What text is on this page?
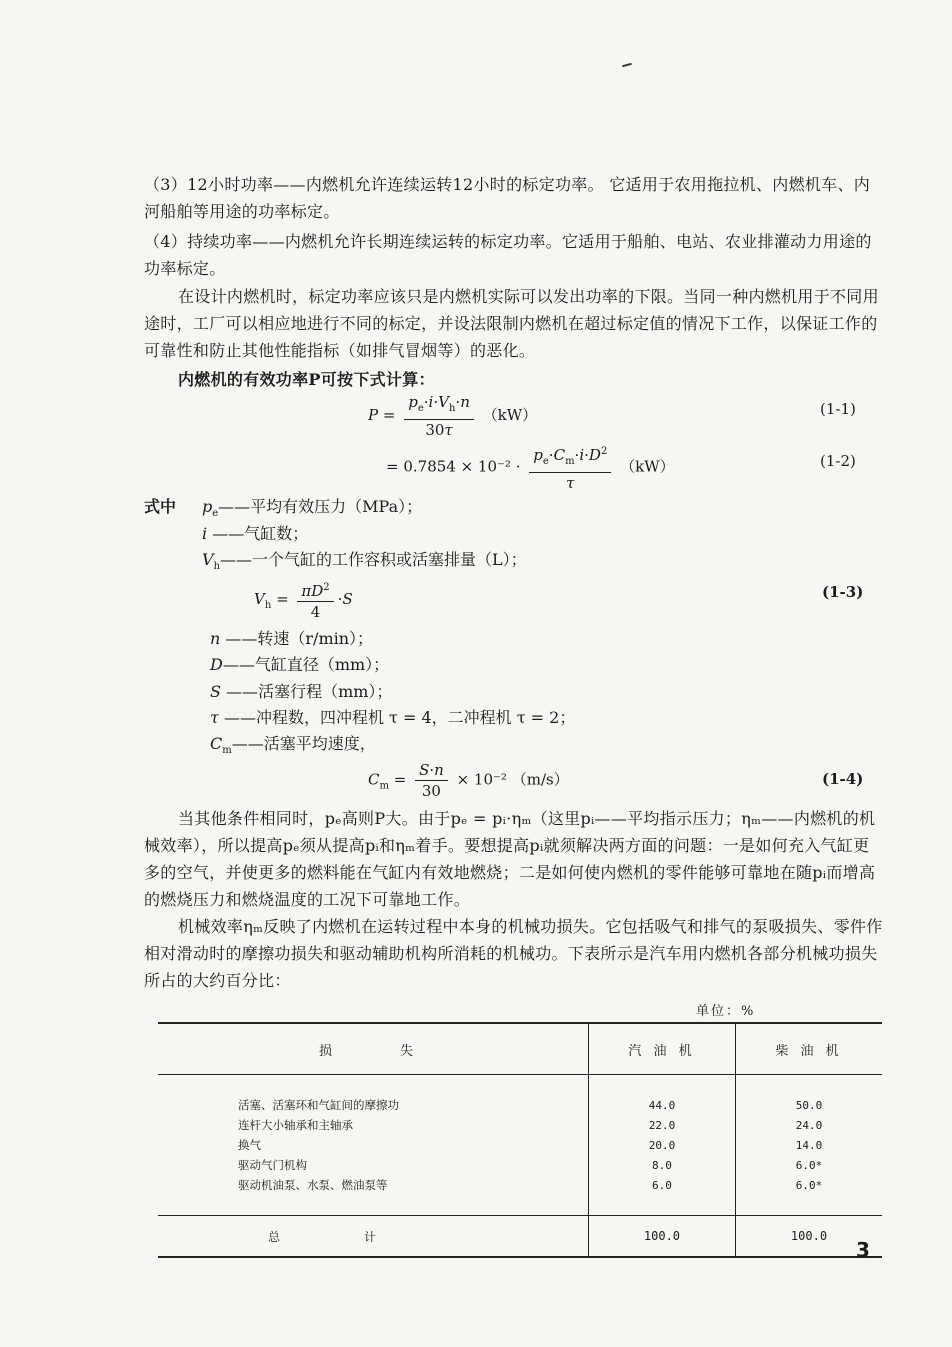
（3）12小时功率——内燃机允许连续运转12小时的标定功率。 它适用于农用拖拉机、内燃机车、内河船舶等用途的功率标定。

（4）持续功率——内燃机允许长期连续运转的标定功率。它适用于船舶、电站、农业排灌动力用途的功率标定。

在设计内燃机时，标定功率应该只是内燃机实际可以发出功率的下限。当同一种内燃机用于不同用途时，工厂可以相应地进行不同的标定，并设法限制内燃机在超过标定值的情况下工作，以保证工作的可靠性和防止其他性能指标（如排气冒烟等）的恶化。

内燃机的有效功率P可按下式计算：

$P = \frac{p_e\cdot i\cdot V_h\cdot n}{30\tau} (kW)$	(1-1)
= $0.7854 \times 10^{-2} \cdot \frac{p_e\cdot C_m\cdot i\cdot D^2}{\tau} (kW)$	(1-2)
式中 $p_e——$平均有效压力（MPa）；
i ——气缸数；
$V_h——$一个气缸的工作容积或活塞排量（L）；
$V_h = \frac{\pi D^2}{4} \cdot S$	(1-3)
n ——转速（r/min）；
D——气缸直径（mm）；
S ——活塞行程（mm）；
τ ——冲程数，四冲程机 τ = 4，二冲程机 τ = 2；
$C_m——$活塞平均速度，
$C_m = \frac{S\cdot n}{30} \times 10^{-2}$ （m/s）	(1-4)

当其他条件相同时，pₑ高则P大。由于pₑ = pᵢ·ηₘ（这里pᵢ——平均指示压力；ηₘ——内燃机的机械效率），所以提高pₑ须从提高pᵢ和ηₘ着手。要想提高pᵢ就须解决两方面的问题：一是如何充入气缸更多的空气，并使更多的燃料能在气缸内有效地燃烧；二是如何使内燃机的零件能够可靠地在随pᵢ而增高的燃烧压力和燃烧温度的工况下可靠地工作。

机械效率ηₘ反映了内燃机在运转过程中本身的机械功损失。它包括吸气和排气的泵吸损失、零件作相对滑动时的摩擦功损失和驱动辅助机构所消耗的机械功。下表所示是汽车用内燃机各部分机械功损失所占的大约百分比：

单位：%
损　　失	汽 油 机	柴 油 机

活塞、活塞环和气缸间的摩擦功	44.0	50.0
连杆大小轴承和主轴承	22.0	24.0
换气	20.0	14.0
驱动气门机构	8.0	6.0*
驱动机油泵、水泵、燃油泵等	6.0	6.0*

总　　　　　　　计	100.0	100.0
3
